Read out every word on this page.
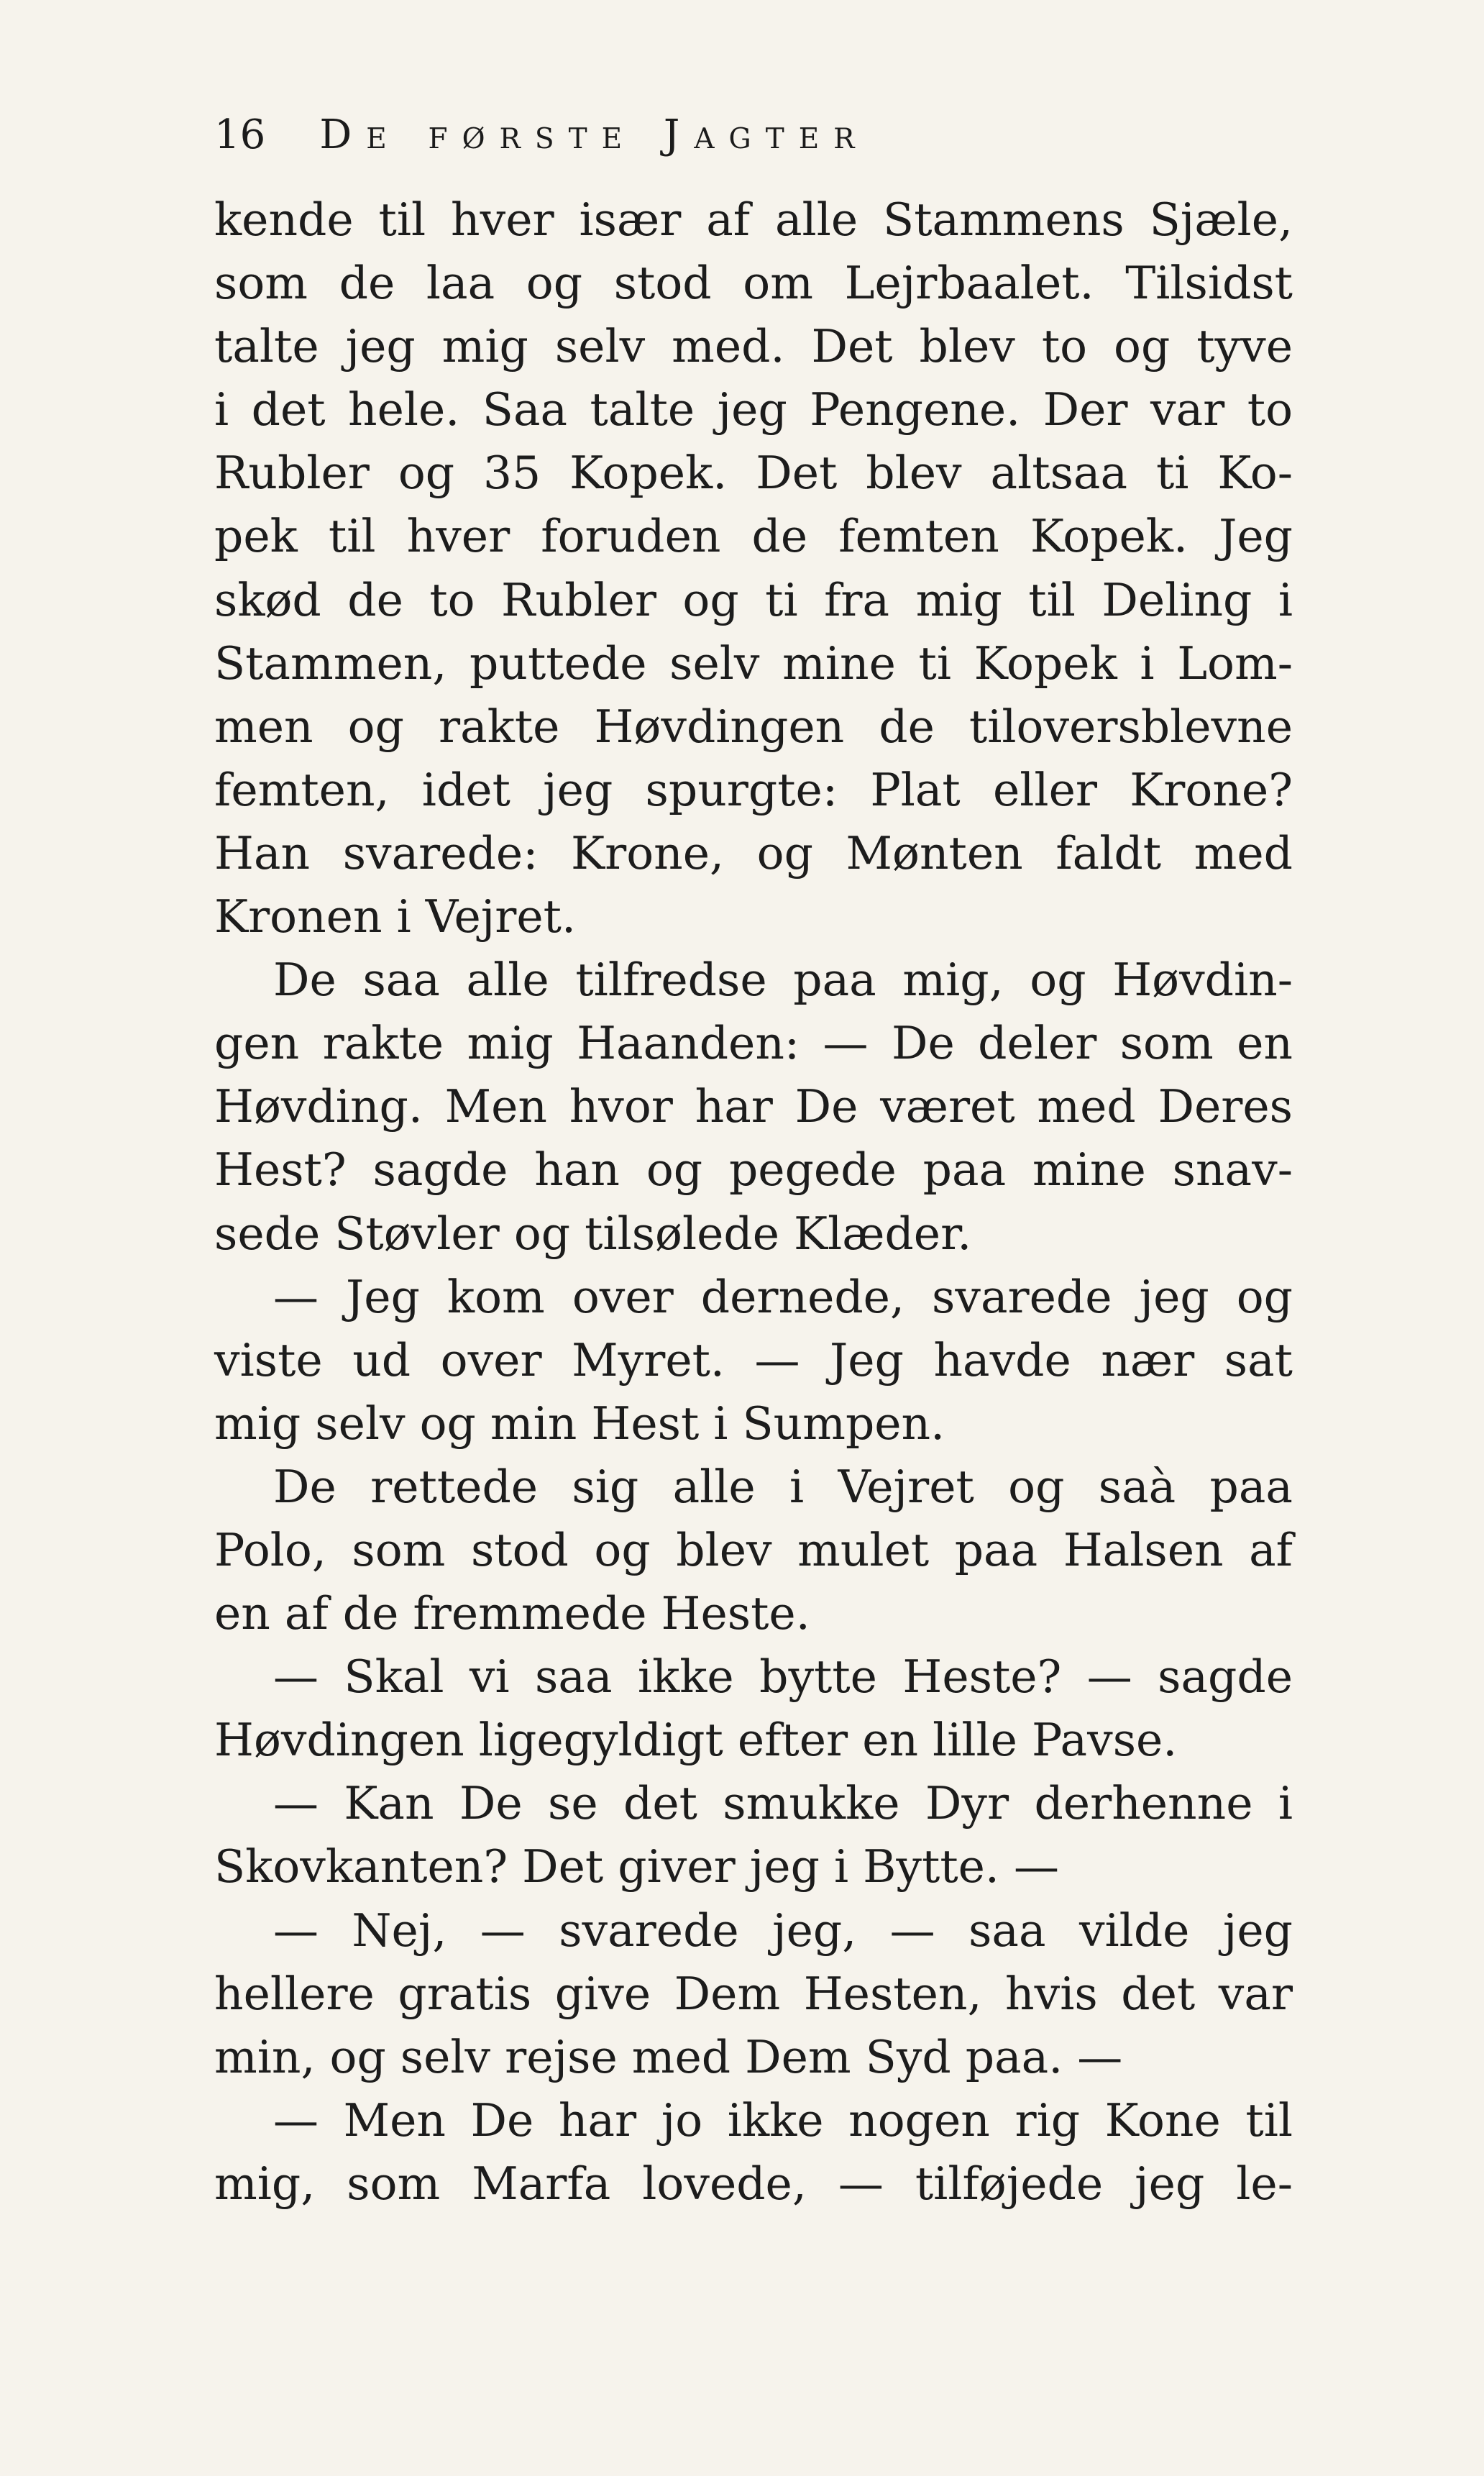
16 De første Jagter
kende til hver især af alle Stammens Sjæle,
som de laa og stod om Lejrbaalet. Tilsidst
talte jeg mig selv med. Det blev to og tyve
i det hele. Saa talte jeg Pengene. Der var to
Rubler og 35 Kopek. Det blev altsaa ti Ko-
pek til hver foruden de femten Kopek. Jeg
skød de to Rubler og ti fra mig til Deling i
Stammen, puttede selv mine ti Kopek i Lom-
men og rakte Høvdingen de tiloversblevne
femten, idet jeg spurgte: Plat eller Krone?
Han svarede: Krone, og Mønten faldt med
Kronen i Vejret.
De saa alle tilfredse paa mig, og Høvdin-
gen rakte mig Haanden: — De deler som en
Høvding. Men hvor har De været med Deres
Hest? sagde han og pegede paa mine snav-
sede Støvler og tilsølede Klæder.
— Jeg kom over dernede, svarede jeg og
viste ud over Myret. — Jeg havde nær sat
mig selv og min Hest i Sumpen.
De rettede sig alle i Vejret og saà paa
Polo, som stod og blev mulet paa Halsen af
en af de fremmede Heste.
— Skal vi saa ikke bytte Heste? — sagde
Høvdingen ligegyldigt efter en lille Pavse.
— Kan De se det smukke Dyr derhenne i
Skovkanten? Det giver jeg i Bytte. —
— Nej, — svarede jeg, — saa vilde jeg
hellere gratis give Dem Hesten, hvis det var
min, og selv rejse med Dem Syd paa. —
— Men De har jo ikke nogen rig Kone til
mig, som Marfa lovede, — tilføjede jeg le-
